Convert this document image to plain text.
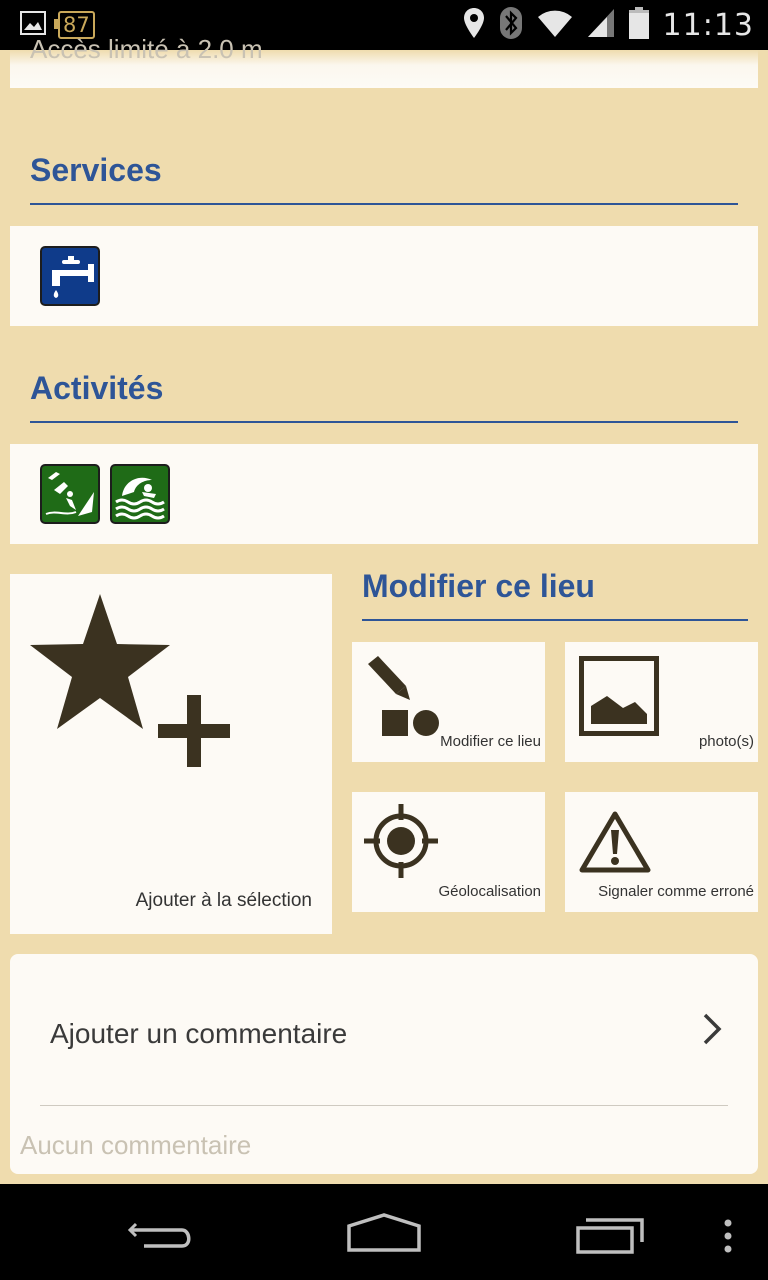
87	11:13
Accès limité à 2.0 m
Services
Activités
Ajouter à la sélection
Modifier ce lieu
Modifier ce lieu	photo(s)
Géolocalisation	Signaler comme erroné
Ajouter un commentaire
Aucun commentaire
